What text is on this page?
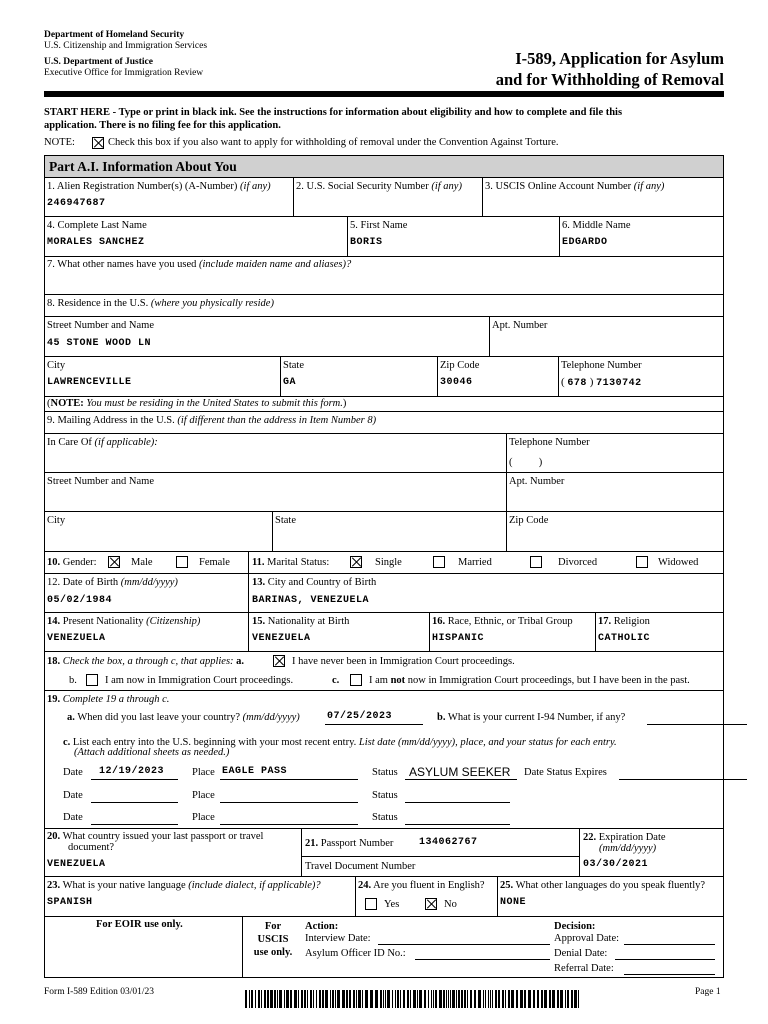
Department of Homeland Security
U.S. Citizenship and Immigration Services

U.S. Department of Justice
Executive Office for Immigration Review
I-589, Application for Asylum
and for Withholding of Removal
START HERE - Type or print in black ink. See the instructions for information about eligibility and how to complete and file this
application. There is no filing fee for this application.
NOTE:	Check this box if you also want to apply for withholding of removal under the Convention Against Torture.
Part A.I. Information About You
1. Alien Registration Number(s) (A-Number) (if any)
246947687
2. U.S. Social Security Number (if any) 3. USCIS Online Account Number (if any)
4. Complete Last Name
MORALES SANCHEZ
5. First Name
BORIS
6. Middle Name
EDGARDO
7. What other names have you used (include maiden name and aliases)?
8. Residence in the U.S. (where you physically reside)
Street Number and Name
45 STONE WOOD LN
Apt. Number
City
LAWRENCEVILLE
State
GA
Zip Code
30046
Telephone Number
( 678 ) 7130742
(NOTE: You must be residing in the United States to submit this form.)
9. Mailing Address in the U.S. (if different than the address in Item Number 8)
In Care Of (if applicable):	Telephone Number
(          )
Street Number and Name	Apt. Number
City	State	Zip Code
10. Gender:	Male	Female 11. Marital Status:	Single	Married	Divorced	Widowed
12. Date of Birth (mm/dd/yyyy)
05/02/1984
13. City and Country of Birth
BARINAS, VENEZUELA
14. Present Nationality (Citizenship)
VENEZUELA
15. Nationality at Birth
VENEZUELA
16. Race, Ethnic, or Tribal Group
HISPANIC
17. Religion
CATHOLIC
18. Check the box, a through c, that applies: a.	I have never been in Immigration Court proceedings.
b.	I am now in Immigration Court proceedings.	c.	I am not now in Immigration Court proceedings, but I have been in the past.
19. Complete 19 a through c.
a. When did you last leave your country? (mm/dd/yyyy)	07/25/2023	b. What is your current I-94 Number, if any?
c. List each entry into the U.S. beginning with your most recent entry. List date (mm/dd/yyyy), place, and your status for each entry.
(Attach additional sheets as needed.)
Date 12/19/2023	Place EAGLE PASS	Status ASYLUM SEEKER Date Status Expires
Date	Place	Status
Date	Place	Status
20. What country issued your last passport or travel
document?
VENEZUELA
21. Passport Number	134062767
Travel Document Number
22. Expiration Date
(mm/dd/yyyy)
03/30/2021
23. What is your native language (include dialect, if applicable)?
SPANISH
24. Are you fluent in English?
Yes	No
25. What other languages do you speak fluently?
NONE
For EOIR use only.	For
USCIS
use only.
Action:
Interview Date:
Asylum Officer ID No.:
Decision:
Approval Date:
Denial Date:
Referral Date:
Form I-589 Edition 03/01/23	Page 1
